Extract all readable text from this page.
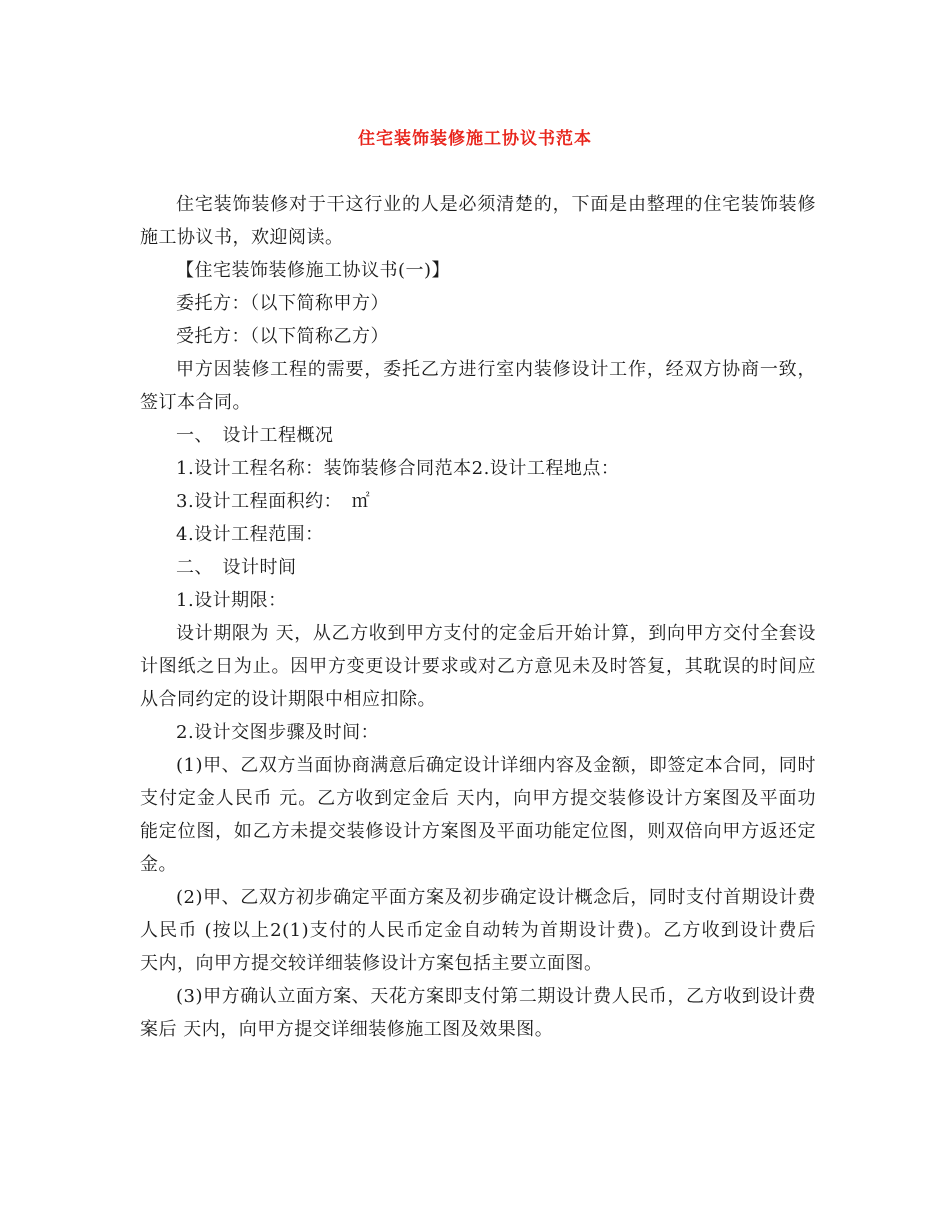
住宅装饰装修施工协议书范本

住宅装饰装修对于干这行业的人是必须清楚的，下面是由整理的住宅装饰装修施工协议书，欢迎阅读。

【住宅装饰装修施工协议书(一)】

委托方：（以下简称甲方）

受托方：（以下简称乙方）

甲方因装修工程的需要，委托乙方进行室内装修设计工作，经双方协商一致，签订本合同。

一、　设计工程概况

1.设计工程名称：装饰装修合同范本2.设计工程地点：

3.设计工程面积约：　㎡

4.设计工程范围：

二、　设计时间

1.设计期限：

设计期限为 天，从乙方收到甲方支付的定金后开始计算，到向甲方交付全套设计图纸之日为止。因甲方变更设计要求或对乙方意见未及时答复，其耽误的时间应从合同约定的设计期限中相应扣除。

2.设计交图步骤及时间：

(1)甲、乙双方当面协商满意后确定设计详细内容及金额，即签定本合同，同时支付定金人民币 元。乙方收到定金后 天内，向甲方提交装修设计方案图及平面功能定位图，如乙方未提交装修设计方案图及平面功能定位图，则双倍向甲方返还定金。

(2)甲、乙双方初步确定平面方案及初步确定设计概念后，同时支付首期设计费人民币 (按以上2(1)支付的人民币定金自动转为首期设计费)。乙方收到设计费后 天内，向甲方提交较详细装修设计方案包括主要立面图。

(3)甲方确认立面方案、天花方案即支付第二期设计费人民币，乙方收到设计费案后 天内，向甲方提交详细装修施工图及效果图。
